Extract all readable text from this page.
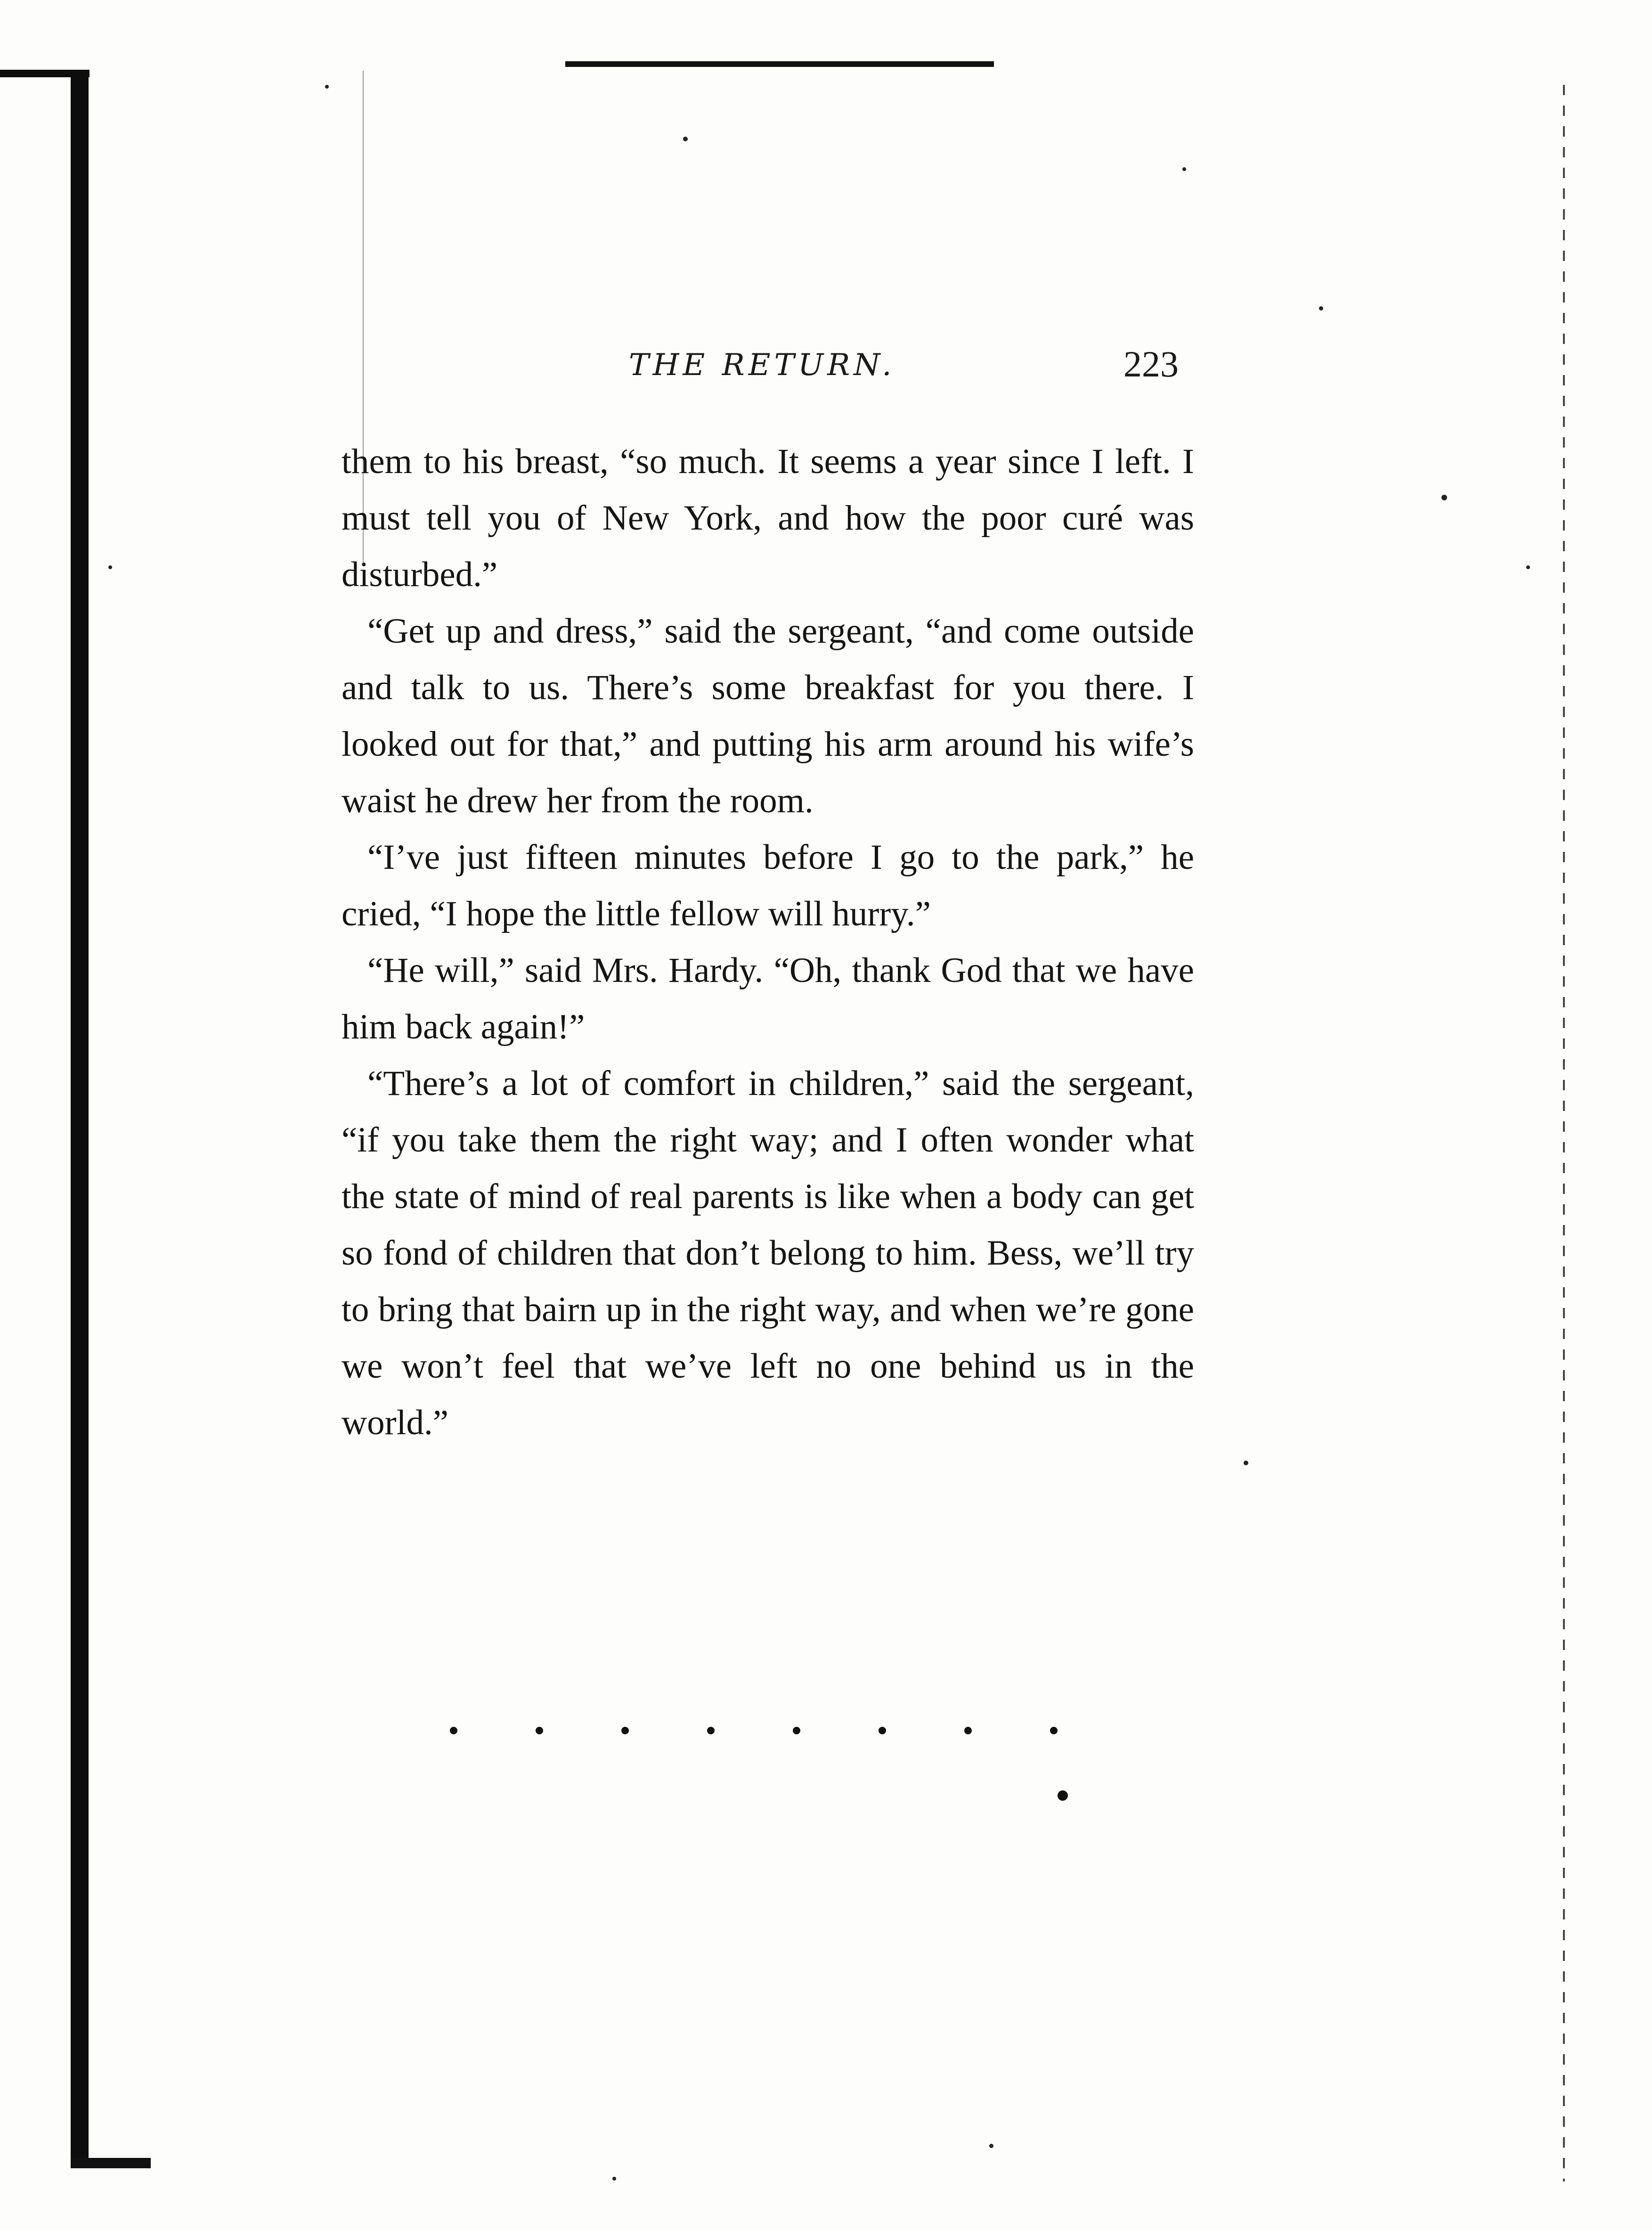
THE RETURN.	223

them to his breast, “so much. It seems a year since I left. I must tell you of New York, and how the poor curé was disturbed.”

“Get up and dress,” said the sergeant, “and come outside and talk to us. There’s some breakfast for you there. I looked out for that,” and putting his arm around his wife’s waist he drew her from the room.

“I’ve just fifteen minutes before I go to the park,” he cried, “I hope the little fellow will hurry.”

“He will,” said Mrs. Hardy. “Oh, thank God that we have him back again!”

“There’s a lot of comfort in children,” said the sergeant, “if you take them the right way; and I often wonder what the state of mind of real parents is like when a body can get so fond of children that don’t belong to him. Bess, we’ll try to bring that bairn up in the right way, and when we’re gone we won’t feel that we’ve left no one behind us in the world.”
